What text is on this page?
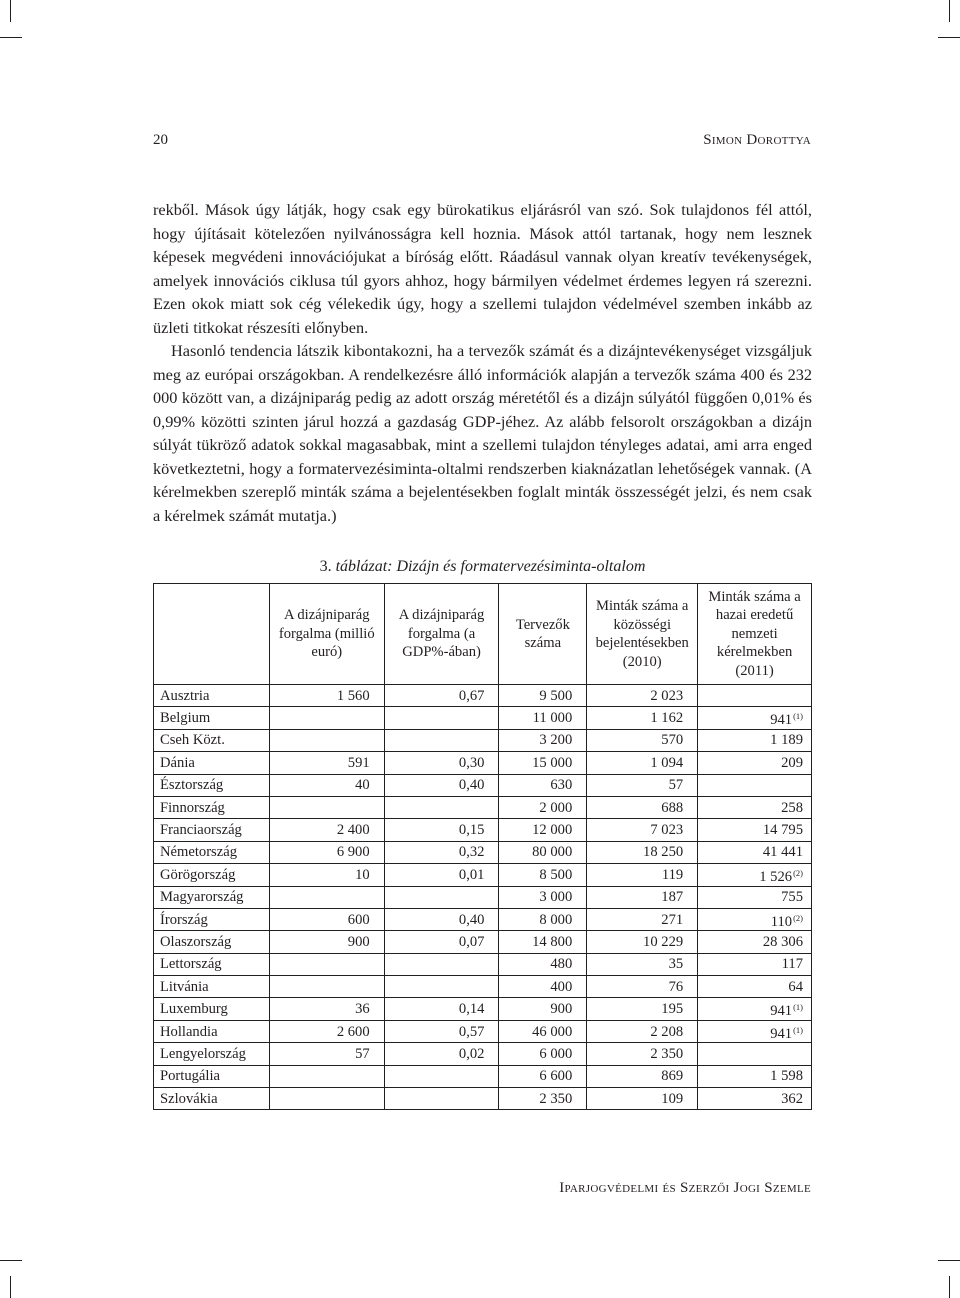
20	Simon Dorottya

rekből. Mások úgy látják, hogy csak egy bürokatikus eljárásról van szó. Sok tulajdonos fél attól, hogy újításait kötelezően nyilvánosságra kell hoznia. Mások attól tartanak, hogy nem lesznek képesek megvédeni innovációjukat a bíróság előtt. Ráadásul vannak olyan kreatív tevékenységek, amelyek innovációs ciklusa túl gyors ahhoz, hogy bármilyen védelmet érdemes legyen rá szerezni. Ezen okok miatt sok cég vélekedik úgy, hogy a szellemi tulajdon védelmével szemben inkább az üzleti titkokat részesíti előnyben.

Hasonló tendencia látszik kibontakozni, ha a tervezők számát és a dizájntevékenységet vizsgáljuk meg az európai országokban. A rendelkezésre álló információk alapján a tervezők száma 400 és 232 000 között van, a dizájniparág pedig az adott ország méretétől és a dizájn súlyától függően 0,01% és 0,99% közötti szinten járul hozzá a gazdaság GDP-jéhez. Az alább felsorolt országokban a dizájn súlyát tükröző adatok sokkal magasabbak, mint a szellemi tulajdon tényleges adatai, ami arra enged következtetni, hogy a formatervezésiminta-oltalmi rendszerben kiaknázatlan lehetőségek vannak. (A kérelmekben szereplő minták száma a bejelentésekben foglalt minták összességét jelzi, és nem csak a kérelmek számát mutatja.)

3. táblázat: Dizájn és formatervezésiminta-oltalom
	A dizájniparág forgalma (millió euró)	A dizájniparág forgalma (a GDP%-ában)	Tervezők száma	Minták száma a közösségi bejelentésekben (2010)	Minták száma a hazai eredetű nemzeti kérelmekben (2011)
Ausztria	1 560	0,67	9 500	2 023	
Belgium			11 000	1 162	941$^{(1)}$
Cseh Közt.			3 200	570	1 189
Dánia	591	0,30	15 000	1 094	209
Észtország	40	0,40	630	57	
Finnország			2 000	688	258
Franciaország	2 400	0,15	12 000	7 023	14 795
Németország	6 900	0,32	80 000	18 250	41 441
Görögország	10	0,01	8 500	119	1 526$^{(2)}$
Magyarország			3 000	187	755
Írország	600	0,40	8 000	271	110$^{(2)}$
Olaszország	900	0,07	14 800	10 229	28 306
Lettország			480	35	117
Litvánia			400	76	64
Luxemburg	36	0,14	900	195	941$^{(1)}$
Hollandia	2 600	0,57	46 000	2 208	941$^{(1)}$
Lengyelország	57	0,02	6 000	2 350	
Portugália			6 600	869	1 598
Szlovákia			2 350	109	362
Iparjogvédelmi és Szerzői Jogi Szemle
